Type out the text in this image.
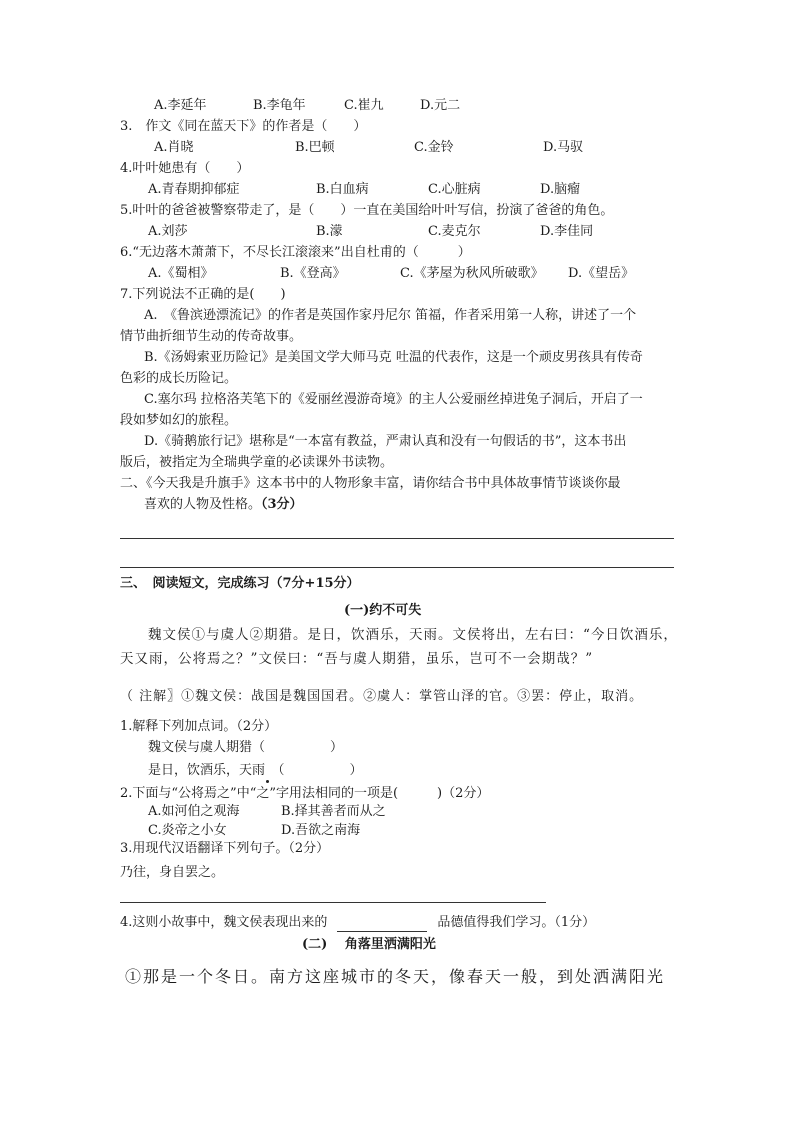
A.李延年	B.李龟年	C.崔九	D.元二
3.　作文《同在蓝天下》的作者是（　　）
A.肖晓	B.巴顿	C.金铃	D.马驭
4.叶叶她患有（　　）
A.青春期抑郁症	B.白血病	C.心脏病	D.脑瘤
5.叶叶的爸爸被警察带走了，是（　　）一直在美国给叶叶写信，扮演了爸爸的角色。
A.刘莎	B.濛	C.麦克尔	D.李佳同
6.“无边落木萧萧下，不尽长江滚滚来”出自杜甫的（　　　）
A.《蜀相》	B.《登高》	C.《茅屋为秋风所破歌》 D.《望岳》
7.下列说法不正确的是(　　)
A.　《鲁滨逊漂流记》的作者是英国作家丹尼尔 笛福，作者采用第一人称，讲述了一个
情节曲折细节生动的传奇故事。
B.《汤姆索亚历险记》是美国文学大师马克 吐温的代表作，这是一个顽皮男孩具有传奇
色彩的成长历险记。
C.塞尔玛 拉格洛芙笔下的《爱丽丝漫游奇境》的主人公爱丽丝掉进兔子洞后，开启了一
段如梦如幻的旅程。
D.《骑鹅旅行记》堪称是“一本富有教益，严肃认真和没有一句假话的书”，这本书出
版后，被指定为全瑞典学童的必读课外书读物。
二、《今天我是升旗手》这本书中的人物形象丰富，请你结合书中具体故事情节谈谈你最
喜欢的人物及性格。（3分）
三、　阅读短文，完成练习（7分+15分）
(一)约不可失
魏文侯①与虞人②期猎。是日，饮酒乐，天雨。文侯将出，左右曰：“今日饮酒乐，
天又雨，公将焉之？”文侯曰：“吾与虞人期猎，虽乐，岂可不一会期哉？”
（ 注解〗①魏文侯：战国是魏国国君。②虞人：掌管山泽的官。③罢：停止，取消。
1.解释下列加点词。（2分）
魏文侯与虞人期猎（　　　　　）
是日，饮酒乐，天雨　（　　　　　）
2.下面与“公将焉之”中“之”字用法相同的一项是(　　　)（2分）
A.如河伯之观海	B.择其善者而从之
C.炎帝之小女	D.吾欲之南海
3.用现代汉语翻译下列句子。（2分）
乃往，身自罢之。
4.这则小故事中，魏文侯表现出来的	品德值得我们学习。（1分）
(二)　 角落里洒满阳光
①那是一个冬日。南方这座城市的冬天，像春天一般，到处洒满阳光
